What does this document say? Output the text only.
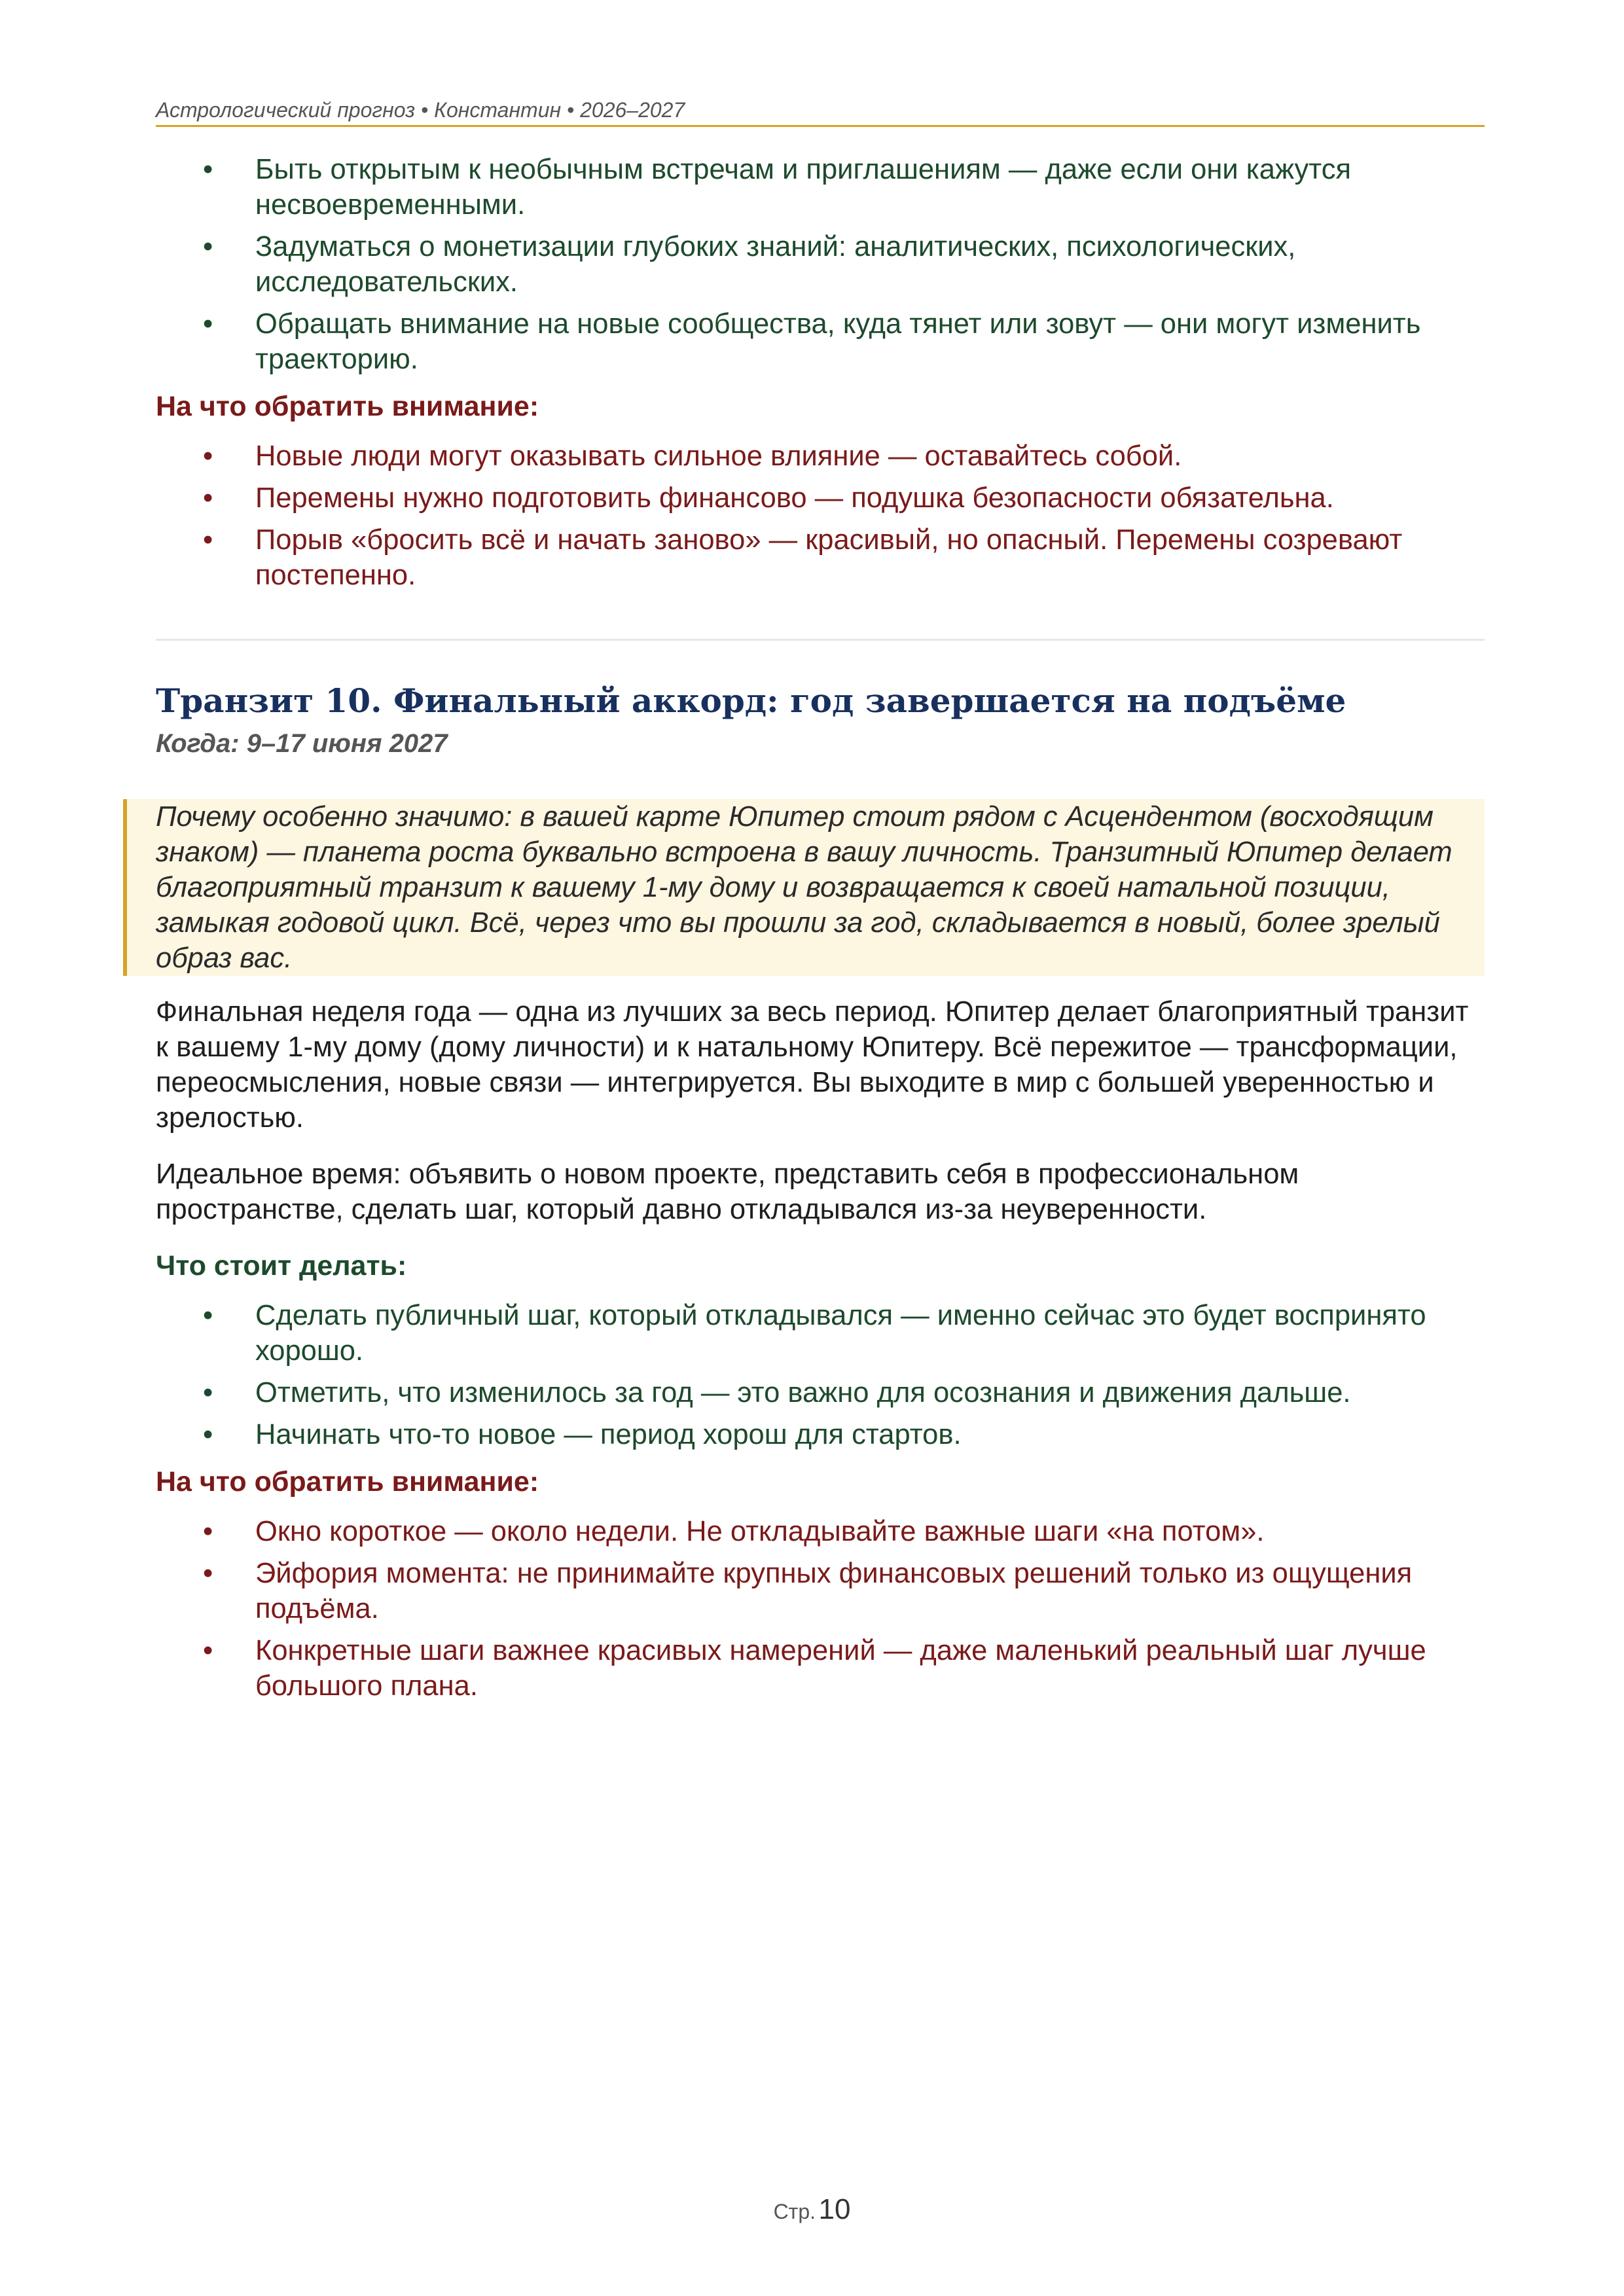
Астрологический прогноз • Константин • 2026–2027
• Быть открытым к необычным встречам и приглашениям — даже если они кажутся несвоевременными.
• Задуматься о монетизации глубоких знаний: аналитических, психологических, исследовательских.
• Обращать внимание на новые сообщества, куда тянет или зовут — они могут изменить траекторию.
На что обратить внимание:
• Новые люди могут оказывать сильное влияние — оставайтесь собой.
• Перемены нужно подготовить финансово — подушка безопасности обязательна.
• Порыв «бросить всё и начать заново» — красивый, но опасный. Перемены созревают постепенно.
Транзит 10. Финальный аккорд: год завершается на подъёме
Когда: 9–17 июня 2027
Почему особенно значимо: в вашей карте Юпитер стоит рядом с Асцендентом (восходящим знаком) — планета роста буквально встроена в вашу личность. Транзитный Юпитер делает благоприятный транзит к вашему 1-му дому и возвращается к своей натальной позиции, замыкая годовой цикл. Всё, через что вы прошли за год, складывается в новый, более зрелый образ вас.

Финальная неделя года — одна из лучших за весь период. Юпитер делает благоприятный транзит к вашему 1-му дому (дому личности) и к натальному Юпитеру. Всё пережитое — трансформации, переосмысления, новые связи — интегрируется. Вы выходите в мир с большей уверенностью и зрелостью.

Идеальное время: объявить о новом проекте, представить себя в профессиональном пространстве, сделать шаг, который давно откладывался из-за неуверенности.

Что стоит делать:
• Сделать публичный шаг, который откладывался — именно сейчас это будет воспринято хорошо.
• Отметить, что изменилось за год — это важно для осознания и движения дальше.
• Начинать что-то новое — период хорош для стартов.
На что обратить внимание:
• Окно короткое — около недели. Не откладывайте важные шаги «на потом».
• Эйфория момента: не принимайте крупных финансовых решений только из ощущения подъёма.
• Конкретные шаги важнее красивых намерений — даже маленький реальный шаг лучше большого плана.
Стр. 10
